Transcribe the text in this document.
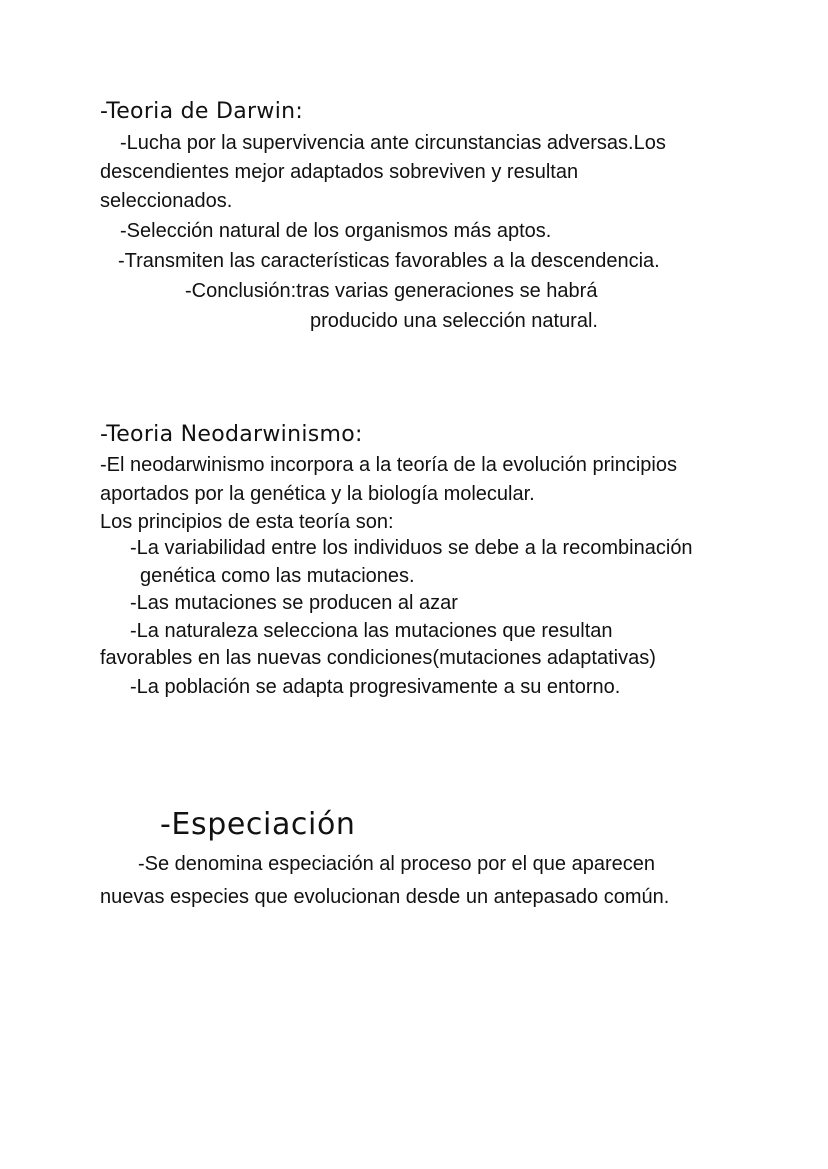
-Teoria de Darwin:
-Lucha por la supervivencia ante circunstancias adversas.Los
descendientes mejor adaptados sobreviven y resultan
seleccionados.
-Selección natural de los organismos más aptos.
-Transmiten las características favorables a la descendencia.
-Conclusión:tras varias generaciones se habrá
producido una selección natural.
-Teoria Neodarwinismo:
-El neodarwinismo incorpora a la teoría de la evolución principios
aportados por la genética y la biología molecular.
Los principios de esta teoría son:
-La variabilidad entre los individuos se debe a la recombinación
genética como las mutaciones.
-Las mutaciones se producen al azar
-La naturaleza selecciona las mutaciones que resultan
favorables en las nuevas condiciones(mutaciones adaptativas)
-La población se adapta progresivamente a su entorno.
-Especiación
-Se denomina especiación al proceso por el que aparecen
nuevas especies que evolucionan desde un antepasado común.
